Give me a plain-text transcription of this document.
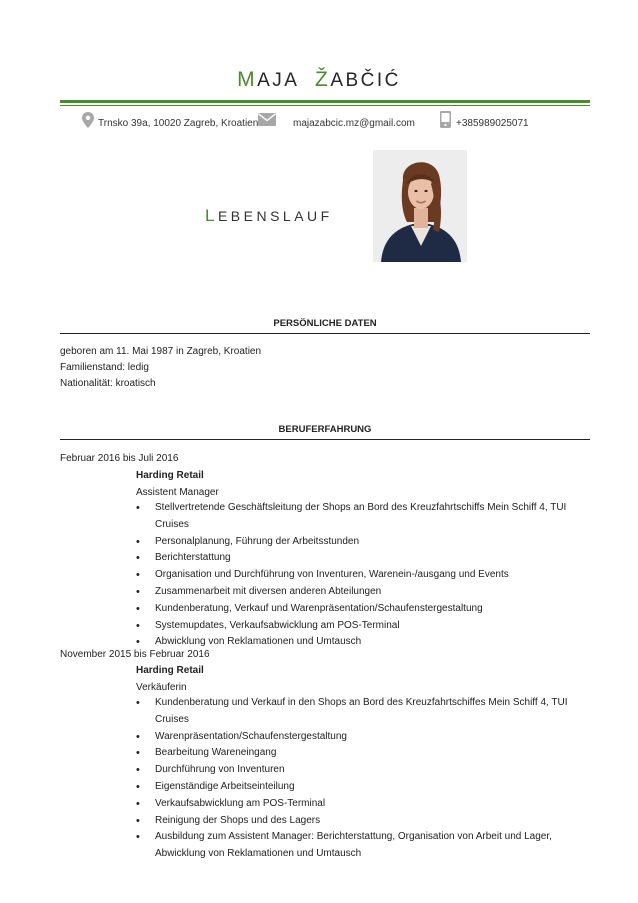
MAJA ŽABČIĆ
Trnsko 39a, 10020 Zagreb, Kroatien	majazabcic.mz@gmail.com	+385989025071
LEBENSLAUF
PERSÖNLICHE DATEN
geboren am 11. Mai 1987 in Zagreb, Kroatien
Familienstand: ledig
Nationalität: kroatisch
BERUFERFAHRUNG
Februar 2016 bis Juli 2016
Harding Retail
Assistent Manager
• Stellvertretende Geschäftsleitung der Shops an Bord des Kreuzfahrtschiffs Mein Schiff 4, TUI Cruises
• Personalplanung, Führung der Arbeitsstunden
• Berichterstattung
• Organisation und Durchführung von Inventuren, Warenein-/ausgang und Events
• Zusammenarbeit mit diversen anderen Abteilungen
• Kundenberatung, Verkauf und Warenpräsentation/Schaufenstergestaltung
• Systemupdates, Verkaufsabwicklung am POS-Terminal
• Abwicklung von Reklamationen und Umtausch
November 2015 bis Februar 2016
Harding Retail
Verkäuferin
• Kundenberatung und Verkauf in den Shops an Bord des Kreuzfahrtschiffes Mein Schiff 4, TUI Cruises
• Warenpräsentation/Schaufenstergestaltung
• Bearbeitung Wareneingang
• Durchführung von Inventuren
• Eigenständige Arbeitseinteilung
• Verkaufsabwicklung am POS-Terminal
• Reinigung der Shops und des Lagers
• Ausbildung zum Assistent Manager: Berichterstattung, Organisation von Arbeit und Lager,
Abwicklung von Reklamationen und Umtausch
